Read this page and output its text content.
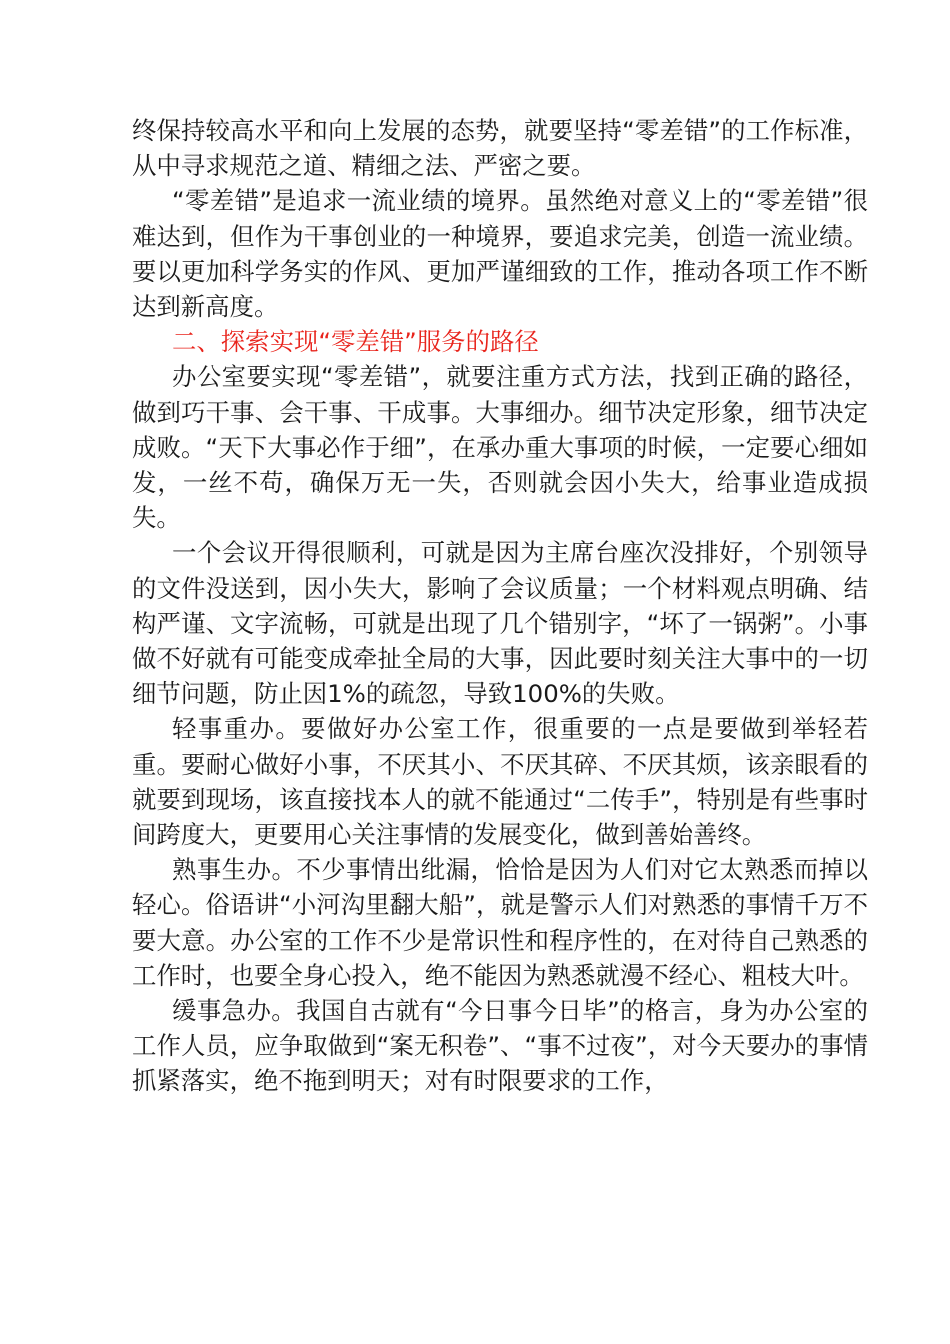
终保持较高水平和向上发展的态势，就要坚持“零差错”的工作标准，从中寻求规范之道、精细之法、严密之要。

“零差错”是追求一流业绩的境界。虽然绝对意义上的“零差错”很难达到，但作为干事创业的一种境界，要追求完美，创造一流业绩。要以更加科学务实的作风、更加严谨细致的工作，推动各项工作不断达到新高度。

二、探索实现“零差错”服务的路径

办公室要实现“零差错”，就要注重方式方法，找到正确的路径，做到巧干事、会干事、干成事。大事细办。细节决定形象，细节决定成败。“天下大事必作于细”，在承办重大事项的时候，一定要心细如发，一丝不苟，确保万无一失，否则就会因小失大，给事业造成损失。

一个会议开得很顺利，可就是因为主席台座次没排好，个别领导的文件没送到，因小失大，影响了会议质量；一个材料观点明确、结构严谨、文字流畅，可就是出现了几个错别字，“坏了一锅粥”。小事做不好就有可能变成牵扯全局的大事，因此要时刻关注大事中的一切细节问题，防止因1%的疏忽，导致100%的失败。

轻事重办。要做好办公室工作，很重要的一点是要做到举轻若重。要耐心做好小事，不厌其小、不厌其碎、不厌其烦，该亲眼看的就要到现场，该直接找本人的就不能通过“二传手”，特别是有些事时间跨度大，更要用心关注事情的发展变化，做到善始善终。

熟事生办。不少事情出纰漏，恰恰是因为人们对它太熟悉而掉以轻心。俗语讲“小河沟里翻大船”，就是警示人们对熟悉的事情千万不要大意。办公室的工作不少是常识性和程序性的，在对待自己熟悉的工作时，也要全身心投入，绝不能因为熟悉就漫不经心、粗枝大叶。

缓事急办。我国自古就有“今日事今日毕”的格言，身为办公室的工作人员，应争取做到“案无积卷”、“事不过夜”，对今天要办的事情抓紧落实，绝不拖到明天；对有时限要求的工作，
